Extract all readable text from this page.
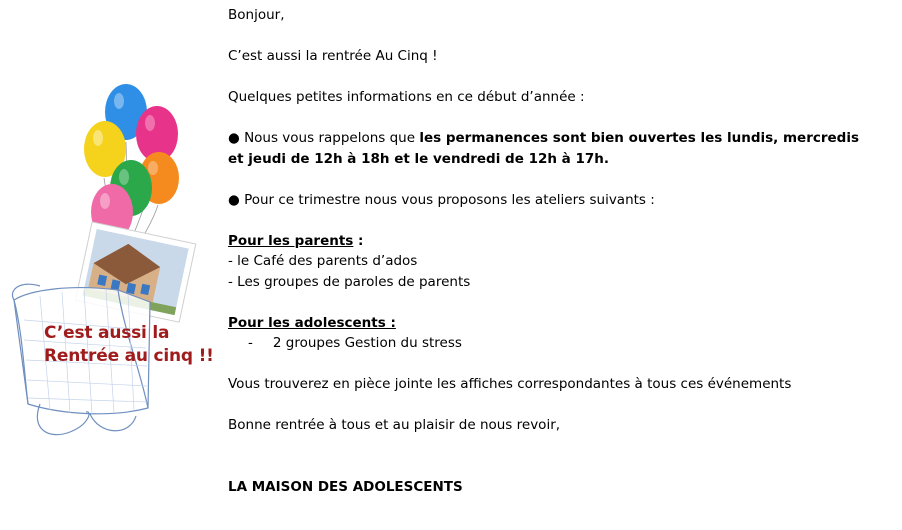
C’est aussi la
Rentrée au cinq !!
Bonjour,
C’est aussi la rentrée Au Cinq !
Quelques petites informations en ce début d’année :
● Nous vous rappelons que les permanences sont bien ouvertes les lundis, mercredis
et jeudi de 12h à 18h et le vendredi de 12h à 17h.
● Pour ce trimestre nous vous proposons les ateliers suivants :
Pour les parents :
- le Café des parents d’ados
- Les groupes de paroles de parents
Pour les adolescents :
- 2 groupes Gestion du stress
Vous trouverez en pièce jointe les affiches correspondantes à tous ces événements
Bonne rentrée à tous et au plaisir de nous revoir,
LA MAISON DES ADOLESCENTS
